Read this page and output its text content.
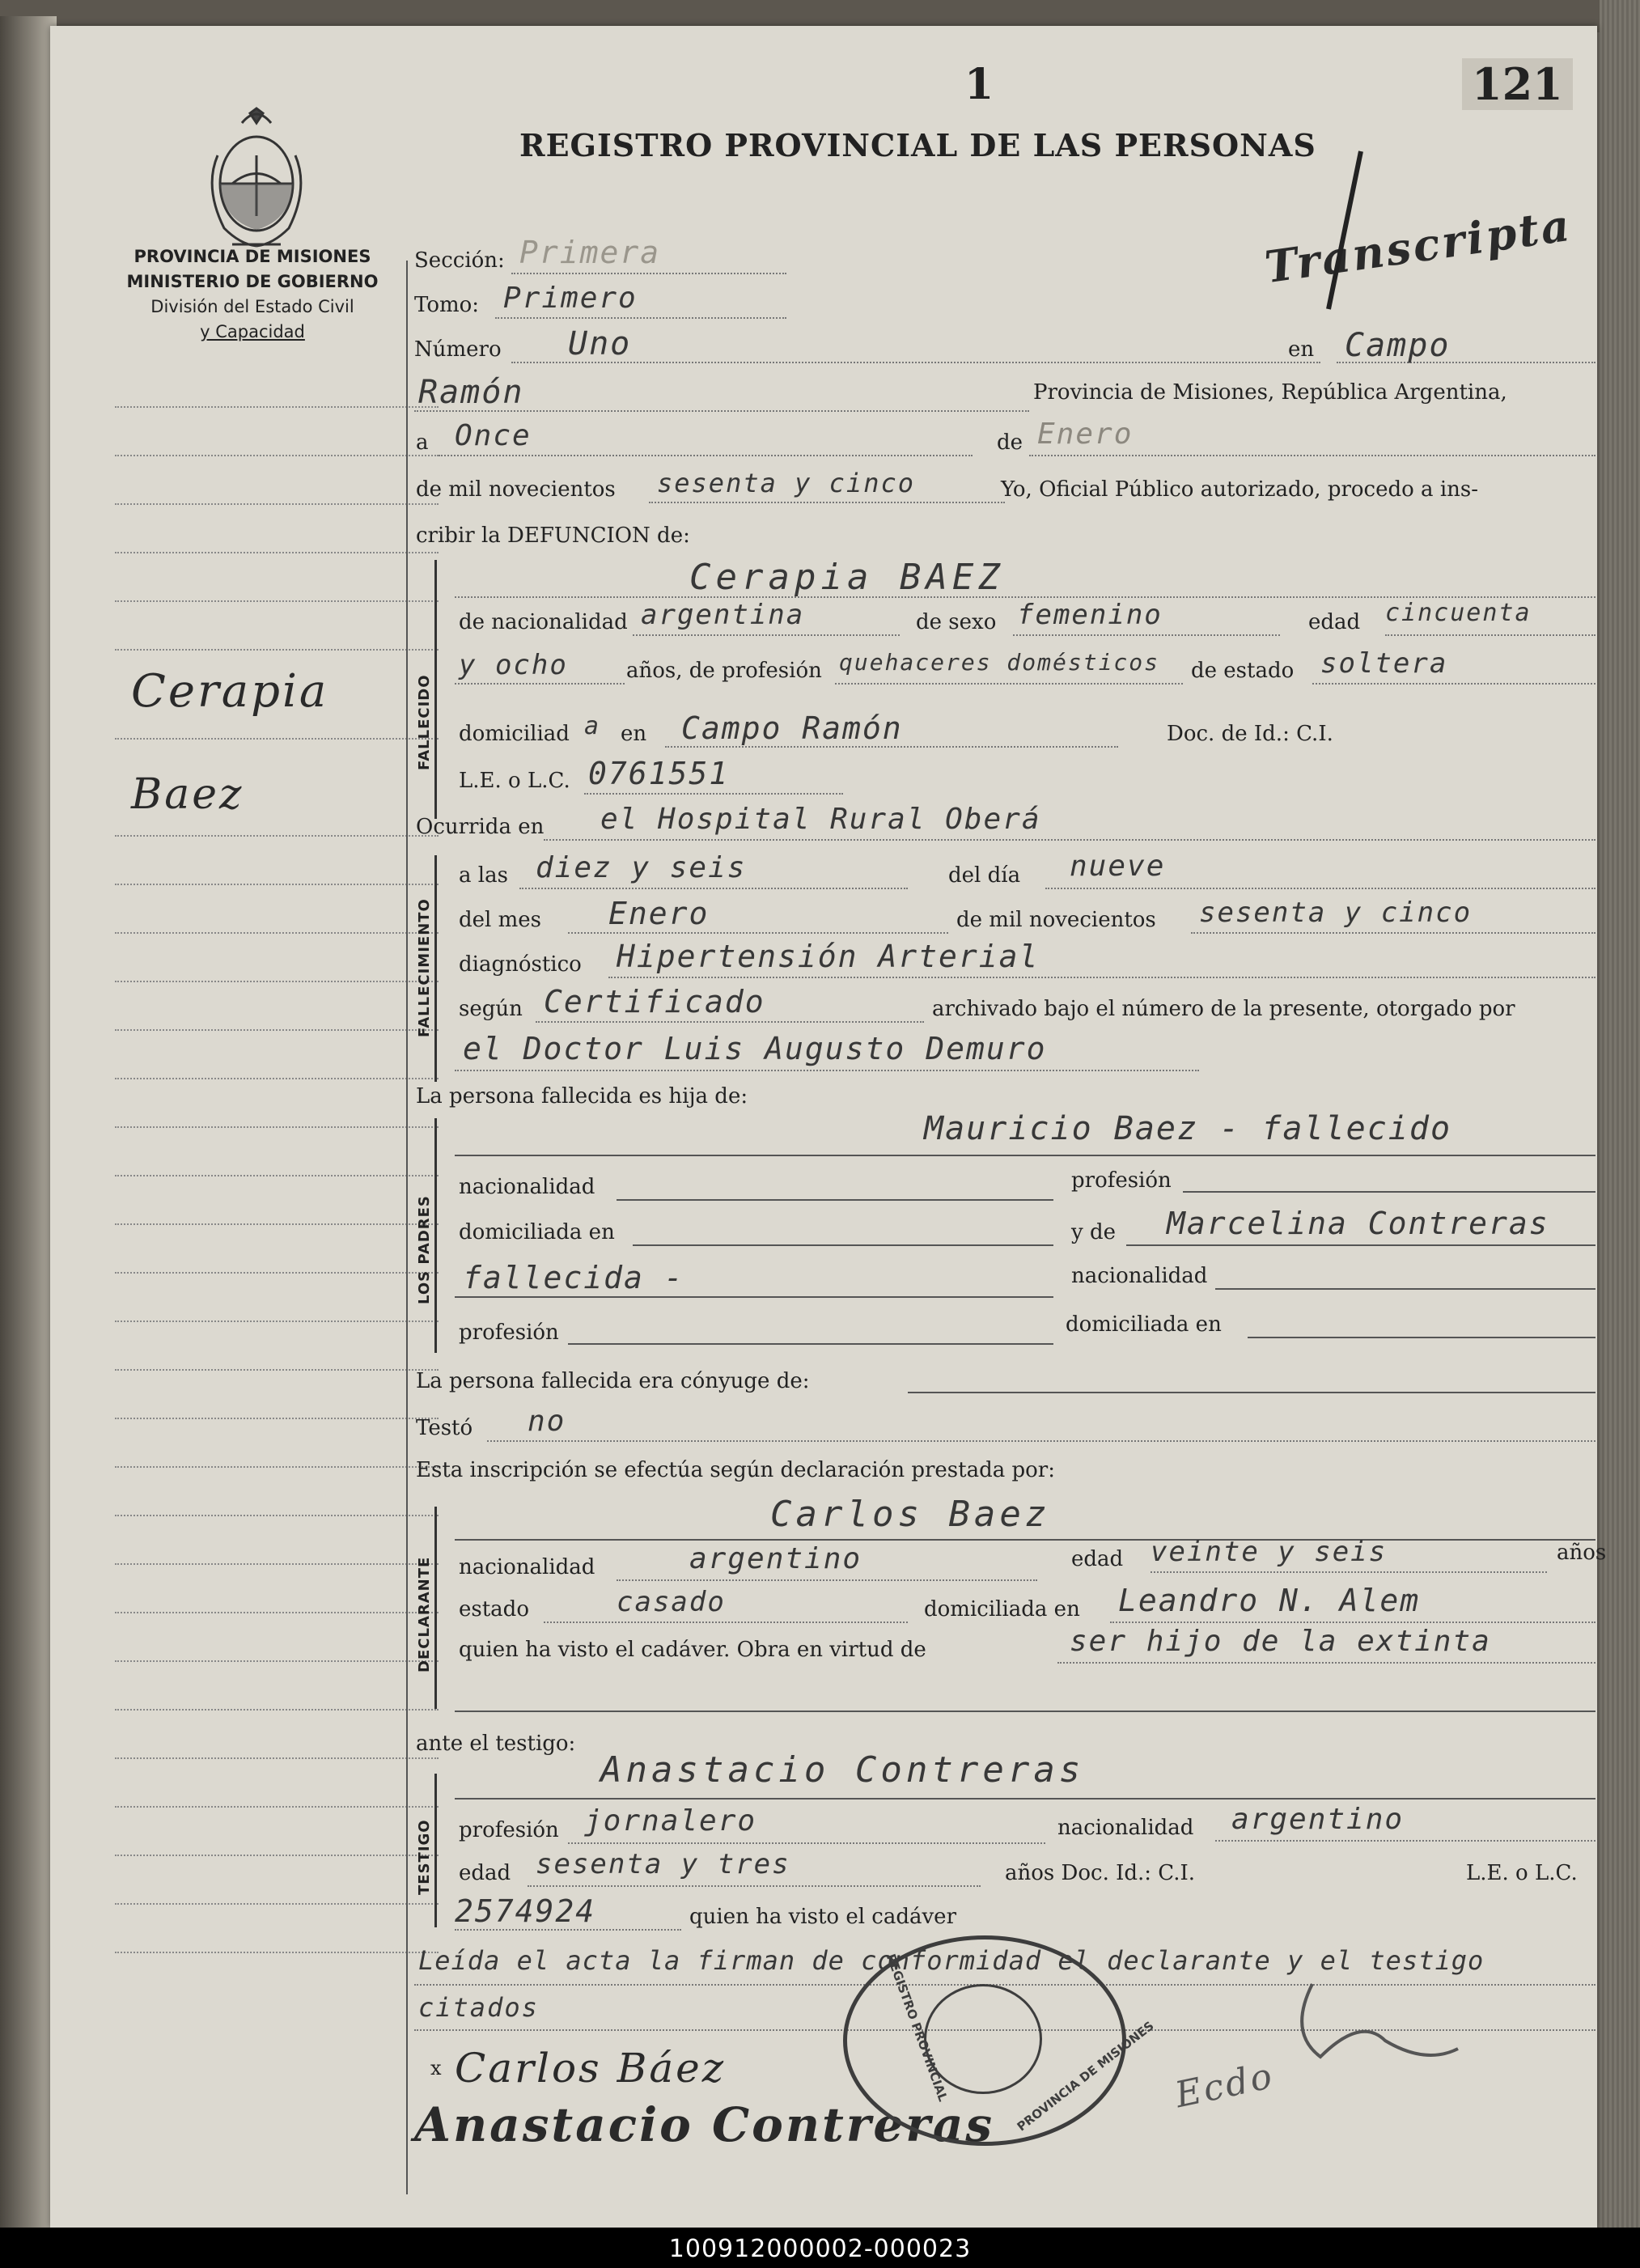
PROVINCIA DE MISIONES
MINISTERIO DE GOBIERNO
División del Estado Civil
y Capacidad
Cerapia
Baez
1	121
REGISTRO PROVINCIAL DE LAS PERSONAS
Transcripta
Sección: Primera
Tomo: Primero
Número Uno	en Campo
Ramón	Provincia de Misiones, República Argentina,
a Once	de Enero
de mil novecientos sesenta y cinco	Yo, Oficial Público autorizado, procedo a ins-
cribir la DEFUNCION de:
FALLECIDO
Cerapia BAEZ
de nacionalidad argentina	de sexo femenino	edad cincuenta
y ocho	años, de profesión quehaceres domésticos de estado soltera
domiciliad a en Campo Ramón	Doc. de Id.: C.I.
L.E. o L.C. 0761551
Ocurrida en el Hospital Rural Oberá
FALLECIMIENTO
a las diez y seis	del día nueve
del mes Enero	de mil novecientos sesenta y cinco
diagnóstico Hipertensión Arterial
según Certificado	archivado bajo el número de la presente, otorgado por
el Doctor Luis Augusto Demuro
La persona fallecida es hija de:
LOS PADRES
Mauricio Baez - fallecido
nacionalidad	profesión
domiciliada en	y de Marcelina Contreras
fallecida -	nacionalidad
profesión	domiciliada en
La persona fallecida era cónyuge de:
Testó no
Esta inscripción se efectúa según declaración prestada por:
DECLARANTE
Carlos Baez
nacionalidad	argentino	edad veinte y seis	años
estado	casado	domiciliada en Leandro N. Alem
quien ha visto el cadáver. Obra en virtud de	ser hijo de la extinta
ante el testigo:
TESTIGO
Anastacio Contreras
profesión jornalero	nacionalidad argentino
edad sesenta y tres	años Doc. Id.: C.I.	L.E. o L.C.
2574924	quien ha visto el cadáver
Leída el acta la firman de conformidad el declarante y el testigo
citados
x Carlos Báez
Anastacio Contreras
Ecdo
PROVINCIA DE MISIONES
REGISTRO PROVINCIAL
100912000002-000023
